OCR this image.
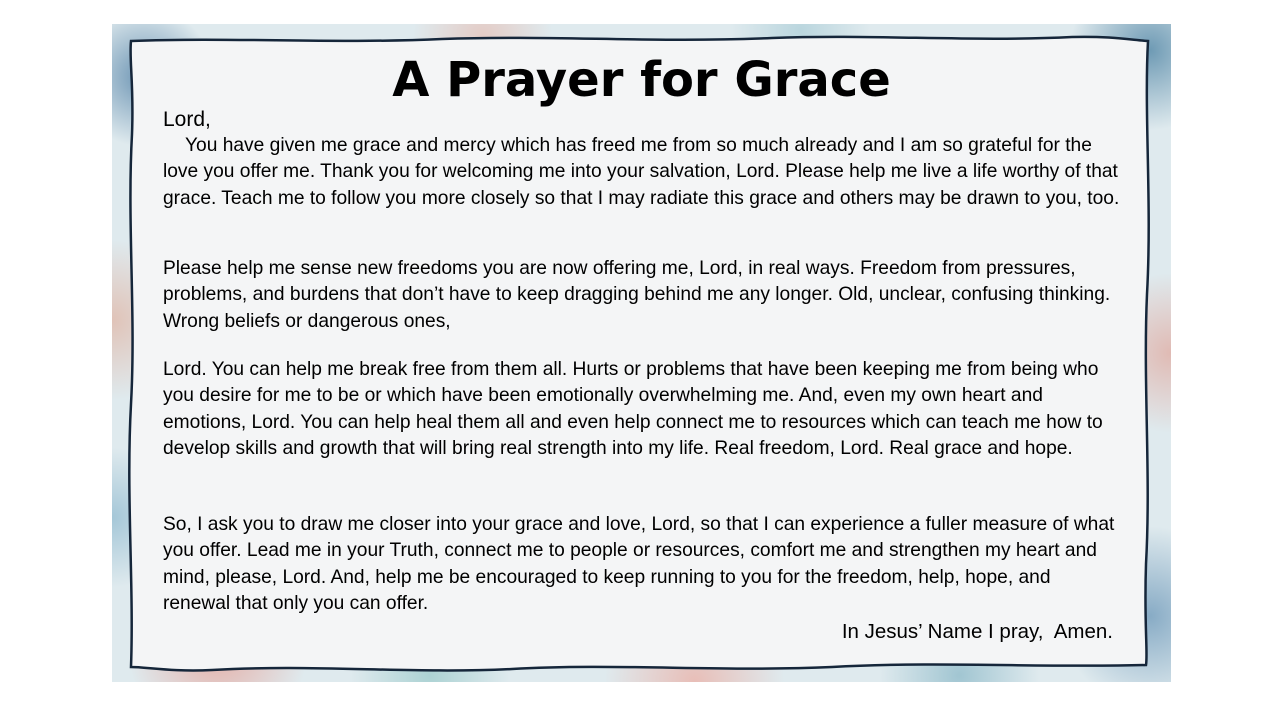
A Prayer for Grace
Lord,
You have given me grace and mercy which has freed me from so much already and I am so grateful for the love you offer me. Thank you for welcoming me into your salvation, Lord. Please help me live a life worthy of that grace. Teach me to follow you more closely so that I may radiate this grace and others may be drawn to you, too.
Please help me sense new freedoms you are now offering me, Lord, in real ways. Freedom from pressures, problems, and burdens that don’t have to keep dragging behind me any longer. Old, unclear, confusing thinking. Wrong beliefs or dangerous ones,
Lord. You can help me break free from them all. Hurts or problems that have been keeping me from being who you desire for me to be or which have been emotionally overwhelming me. And, even my own heart and emotions, Lord. You can help heal them all and even help connect me to resources which can teach me how to develop skills and growth that will bring real strength into my life. Real freedom, Lord. Real grace and hope.
So, I ask you to draw me closer into your grace and love, Lord, so that I can experience a fuller measure of what you offer. Lead me in your Truth, connect me to people or resources, comfort me and strengthen my heart and mind, please, Lord. And, help me be encouraged to keep running to you for the freedom, help, hope, and renewal that only you can offer.
In Jesus’ Name I pray,  Amen.
